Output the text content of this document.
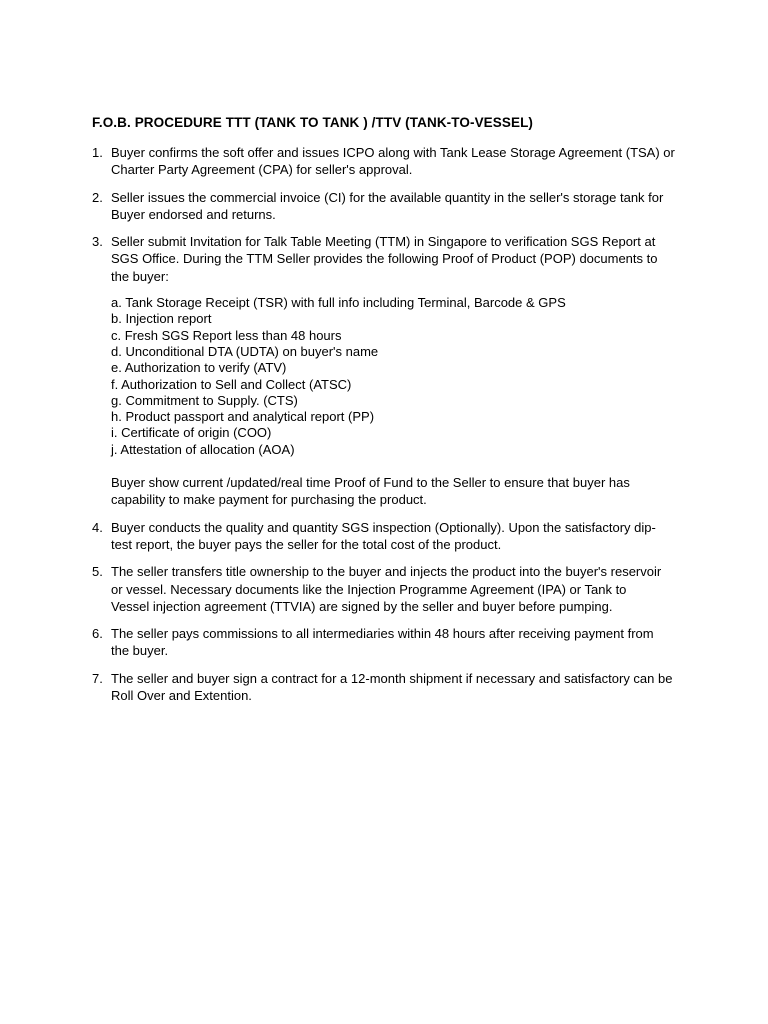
F.O.B. PROCEDURE TTT (TANK TO TANK ) /TTV (TANK-TO-VESSEL)
1. Buyer confirms the soft offer and issues ICPO along with Tank Lease Storage Agreement (TSA) or
Charter Party Agreement (CPA) for seller's approval.
2. Seller issues the commercial invoice (CI) for the available quantity in the seller's storage tank for
Buyer endorsed and returns.
3. Seller submit Invitation for Talk Table Meeting (TTM) in Singapore to verification SGS Report at
SGS Office. During the TTM Seller provides the following Proof of Product (POP) documents to
the buyer:
a. Tank Storage Receipt (TSR) with full info including Terminal, Barcode & GPS
b. Injection report
c. Fresh SGS Report less than 48 hours
d. Unconditional DTA (UDTA) on buyer's name
e. Authorization to verify (ATV)
f. Authorization to Sell and Collect (ATSC)
g. Commitment to Supply. (CTS)
h. Product passport and analytical report (PP)
i. Certificate of origin (COO)
j. Attestation of allocation (AOA)
Buyer show current /updated/real time Proof of Fund to the Seller to ensure that buyer has
capability to make payment for purchasing the product.
4. Buyer conducts the quality and quantity SGS inspection (Optionally). Upon the satisfactory dip-
test report, the buyer pays the seller for the total cost of the product.
5. The seller transfers title ownership to the buyer and injects the product into the buyer's reservoir
or vessel. Necessary documents like the Injection Programme Agreement (IPA) or Tank to
Vessel injection agreement (TTVIA) are signed by the seller and buyer before pumping.
6. The seller pays commissions to all intermediaries within 48 hours after receiving payment from
the buyer.
7. The seller and buyer sign a contract for a 12-month shipment if necessary and satisfactory can be
Roll Over and Extention.
